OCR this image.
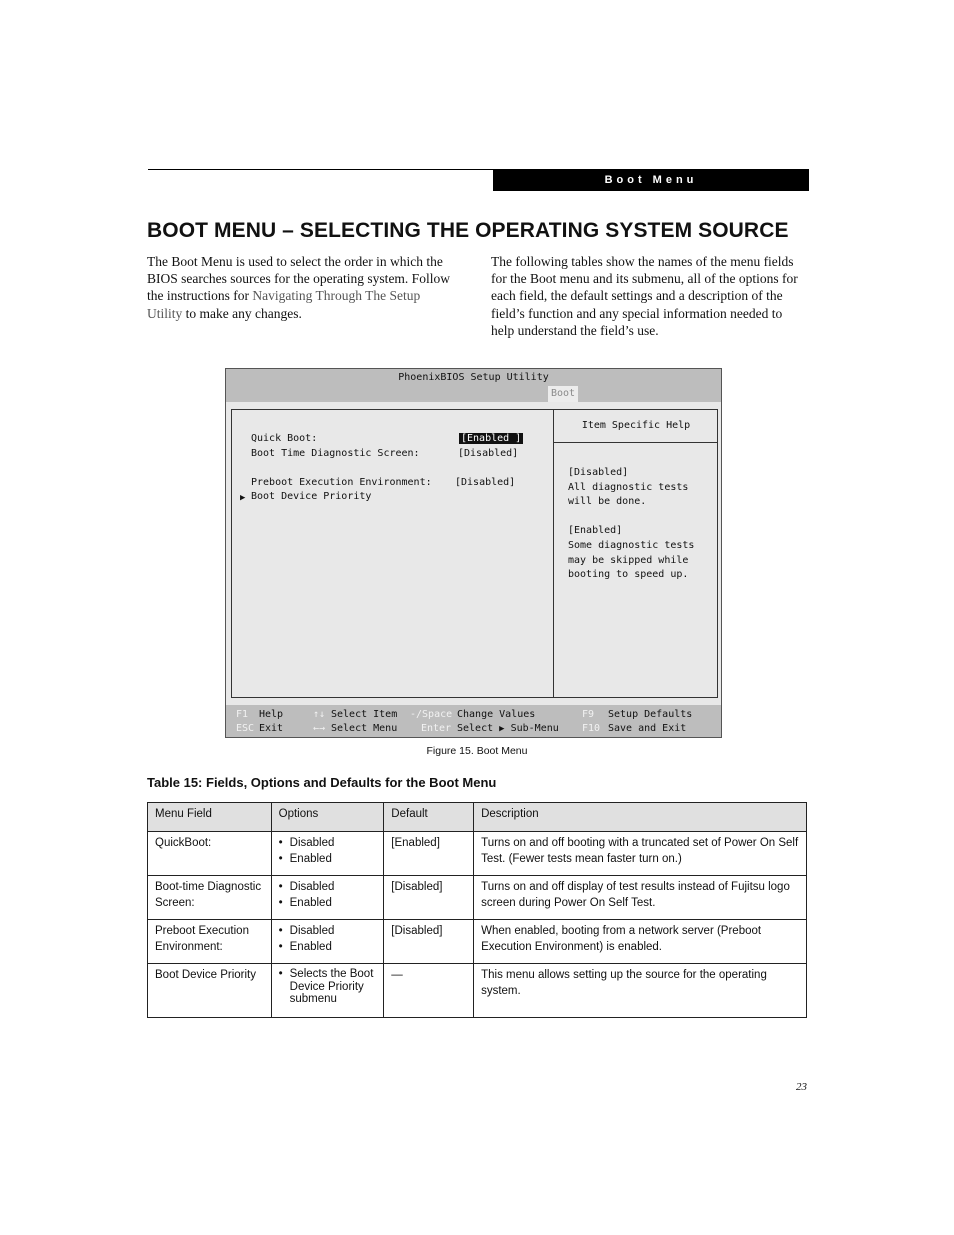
Boot Menu
BOOT MENU – SELECTING THE OPERATING SYSTEM SOURCE
The Boot Menu is used to select the order in which the BIOS searches sources for the operating system. Follow the instructions for Navigating Through The Setup Utility to make any changes.
The following tables show the names of the menu fields for the Boot menu and its submenu, all of the options for each field, the default settings and a description of the field’s function and any special information needed to help understand the field’s use.
PhoenixBIOS Setup Utility
Boot
Quick Boot:	[Enabled ]
Boot Time Diagnostic Screen:	[Disabled]
Preboot Execution Environment: [Disabled]
▶ Boot Device Priority
Item Specific Help
[Disabled]
All diagnostic tests
will be done.

[Enabled]
Some diagnostic tests
may be skipped while
booting to speed up.
F1 Help
ESC Exit
↑↓ Select Item
←→ Select Menu
-/Space Change Values
Enter Select ▶ Sub-Menu
F9 Setup Defaults
F10 Save and Exit
Figure 15. Boot Menu
Table 15: Fields, Options and Defaults for the Boot Menu
Menu Field	Options	Default	Description
QuickBoot:	• Disabled
• Enabled	[Enabled]	Turns on and off booting with a truncated set of Power On Self Test. (Fewer tests mean faster turn on.)
Boot-time Diagnostic Screen:	• Disabled
• Enabled	[Disabled]	Turns on and off display of test results instead of Fujitsu logo screen during Power On Self Test.
Preboot Execution Environment:	• Disabled
• Enabled	[Disabled]	When enabled, booting from a network server (Preboot Execution Environment) is enabled.
Boot Device Priority	• Selects the Boot Device Priority submenu	—	This menu allows setting up the source for the operating system.
23
